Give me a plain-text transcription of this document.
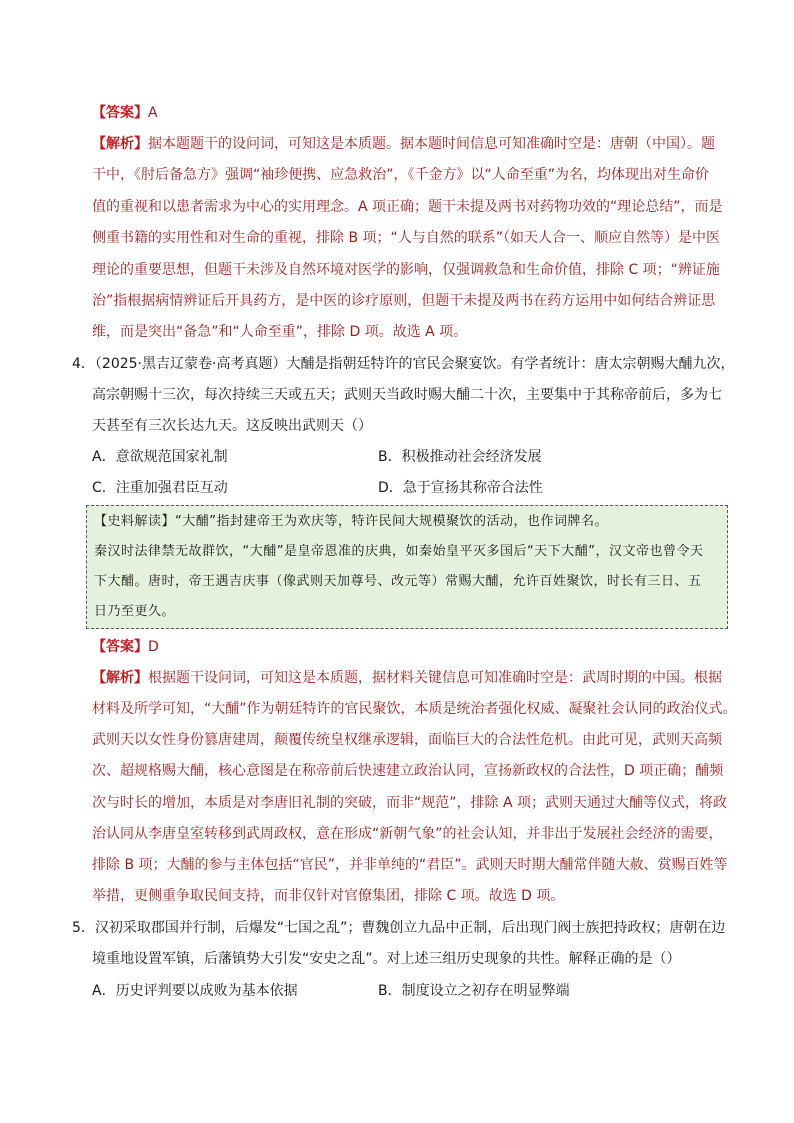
【答案】A
【解析】据本题题干的设问词，可知这是本质题。据本题时间信息可知准确时空是：唐朝（中国）。题
干中，《肘后备急方》强调“袖珍便携、应急救治”，《千金方》以“人命至重”为名，均体现出对生命价
值的重视和以患者需求为中心的实用理念。A 项正确；题干未提及两书对药物功效的“理论总结”，而是
侧重书籍的实用性和对生命的重视，排除 B 项；“人与自然的联系”（如天人合一、顺应自然等）是中医
理论的重要思想，但题干未涉及自然环境对医学的影响，仅强调救急和生命价值，排除 C 项；“辨证施
治”指根据病情辨证后开具药方，是中医的诊疗原则，但题干未提及两书在药方运用中如何结合辨证思
维，而是突出“备急”和“人命至重”，排除 D 项。故选 A 项。
4．（2025·黑吉辽蒙卷·高考真题）大酺是指朝廷特许的官民会聚宴饮。有学者统计：唐太宗朝赐大酺九次，
高宗朝赐十三次，每次持续三天或五天；武则天当政时赐大酺二十次，主要集中于其称帝前后，多为七
天甚至有三次长达九天。这反映出武则天（）
A．意欲规范国家礼制	B．积极推动社会经济发展
C．注重加强君臣互动	D．急于宣扬其称帝合法性
【史料解读】“大酺”指封建帝王为欢庆等，特许民间大规模聚饮的活动，也作词牌名。
秦汉时法律禁无故群饮，“大酺”是皇帝恩准的庆典，如秦始皇平灭多国后“天下大酺”，汉文帝也曾令天
下大酺。唐时，帝王遇吉庆事（像武则天加尊号、改元等）常赐大酺，允许百姓聚饮，时长有三日、五
日乃至更久。
【答案】D
【解析】根据题干设问词，可知这是本质题，据材料关键信息可知准确时空是：武周时期的中国。根据
材料及所学可知，“大酺”作为朝廷特许的官民聚饮，本质是统治者强化权威、凝聚社会认同的政治仪式。
武则天以女性身份篡唐建周，颠覆传统皇权继承逻辑，面临巨大的合法性危机。由此可见，武则天高频
次、超规格赐大酺，核心意图是在称帝前后快速建立政治认同，宣扬新政权的合法性，D 项正确；酺频
次与时长的增加，本质是对李唐旧礼制的突破，而非“规范”，排除 A 项；武则天通过大酺等仪式，将政
治认同从李唐皇室转移到武周政权，意在形成“新朝气象”的社会认知，并非出于发展社会经济的需要，
排除 B 项；大酺的参与主体包括“官民”，并非单纯的“君臣”。武则天时期大酺常伴随大赦、赏赐百姓等
举措，更侧重争取民间支持，而非仅针对官僚集团，排除 C 项。故选 D 项。
5．汉初采取郡国并行制，后爆发“七国之乱”；曹魏创立九品中正制，后出现门阀士族把持政权；唐朝在边
境重地设置军镇，后藩镇势大引发“安史之乱”。对上述三组历史现象的共性。解释正确的是（）
A．历史评判要以成败为基本依据	B．制度设立之初存在明显弊端
